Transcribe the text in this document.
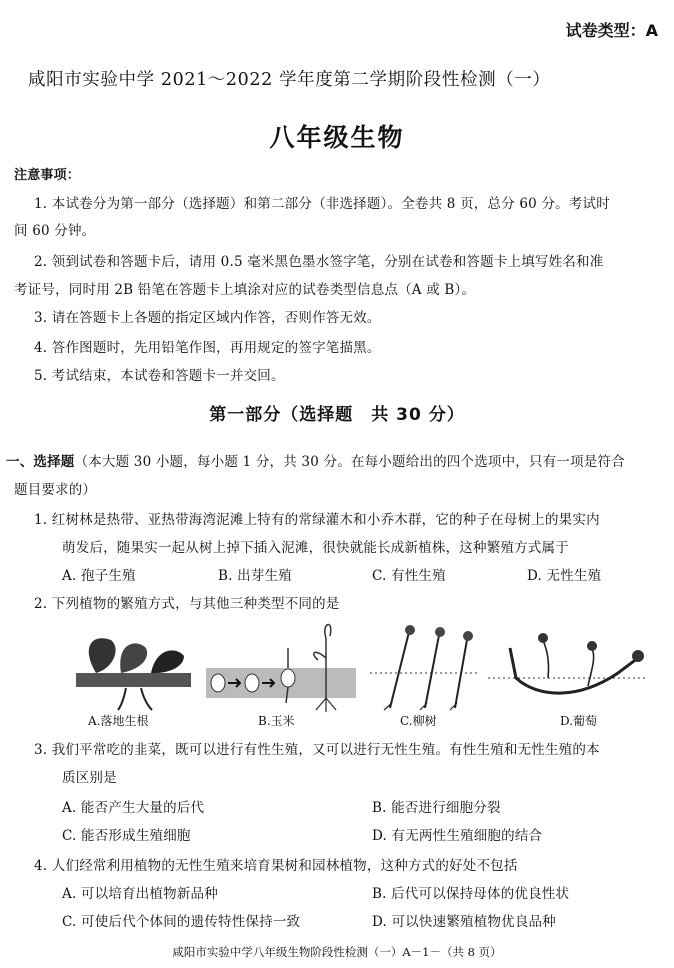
试卷类型：A
咸阳市实验中学 2021～2022 学年度第二学期阶段性检测（一）
八年级生物
注意事项：
1. 本试卷分为第一部分（选择题）和第二部分（非选择题）。全卷共 8 页，总分 60 分。考试时
间 60 分钟。
2. 领到试卷和答题卡后，请用 0.5 毫米黑色墨水签字笔，分别在试卷和答题卡上填写姓名和准
考证号，同时用 2B 铅笔在答题卡上填涂对应的试卷类型信息点（A 或 B）。
3. 请在答题卡上各题的指定区域内作答，否则作答无效。
4. 答作图题时，先用铅笔作图，再用规定的签字笔描黑。
5. 考试结束，本试卷和答题卡一并交回。
第一部分（选择题　共 30 分）
一、选择题（本大题 30 小题，每小题 1 分，共 30 分。在每小题给出的四个选项中，只有一项是符合
题目要求的）
1. 红树林是热带、亚热带海湾泥滩上特有的常绿灌木和小乔木群，它的种子在母树上的果实内
萌发后，随果实一起从树上掉下插入泥滩，很快就能长成新植株，这种繁殖方式属于
A. 孢子生殖	B. 出芽生殖	C. 有性生殖	D. 无性生殖
2. 下列植物的繁殖方式，与其他三种类型不同的是
A.落地生根	B.玉米	C.柳树	D.葡萄
3. 我们平常吃的韭菜，既可以进行有性生殖，又可以进行无性生殖。有性生殖和无性生殖的本
质区别是
A. 能否产生大量的后代	B. 能否进行细胞分裂
C. 能否形成生殖细胞	D. 有无两性生殖细胞的结合
4. 人们经常利用植物的无性生殖来培育果树和园林植物，这种方式的好处不包括
A. 可以培育出植物新品种	B. 后代可以保持母体的优良性状
C. 可使后代个体间的遗传特性保持一致	D. 可以快速繁殖植物优良品种
咸阳市实验中学八年级生物阶段性检测（一）A－1－（共 8 页）
